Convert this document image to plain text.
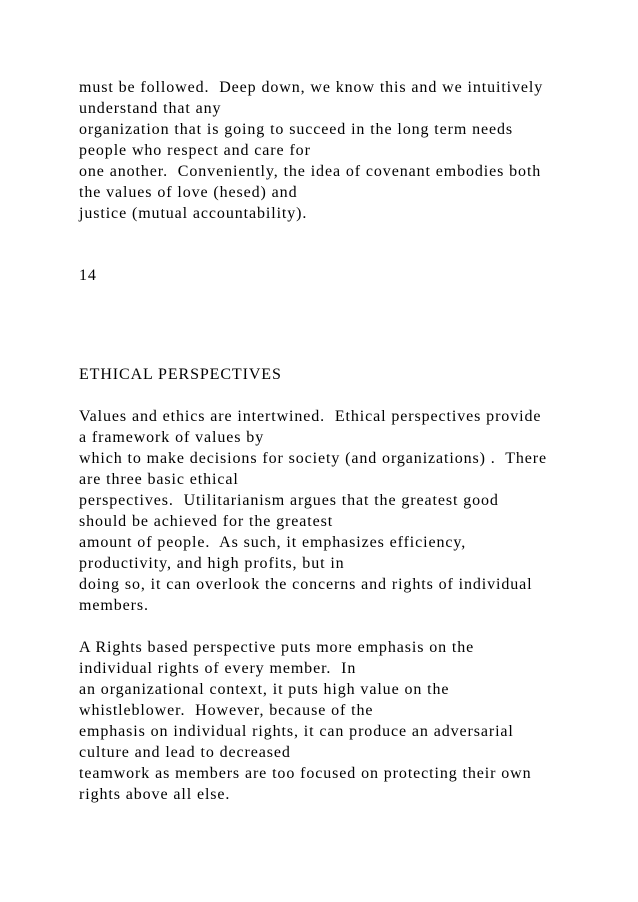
must be followed.  Deep down, we know this and we intuitively
understand that any
organization that is going to succeed in the long term needs
people who respect and care for
one another.  Conveniently, the idea of covenant embodies both
the values of love (hesed) and
justice (mutual accountability).
14
ETHICAL PERSPECTIVES
Values and ethics are intertwined.  Ethical perspectives provide
a framework of values by
which to make decisions for society (and organizations) .  There
are three basic ethical
perspectives.  Utilitarianism argues that the greatest good
should be achieved for the greatest
amount of people.  As such, it emphasizes efficiency,
productivity, and high profits, but in
doing so, it can overlook the concerns and rights of individual
members.
A Rights based perspective puts more emphasis on the
individual rights of every member.  In
an organizational context, it puts high value on the
whistleblower.  However, because of the
emphasis on individual rights, it can produce an adversarial
culture and lead to decreased
teamwork as members are too focused on protecting their own
rights above all else.
